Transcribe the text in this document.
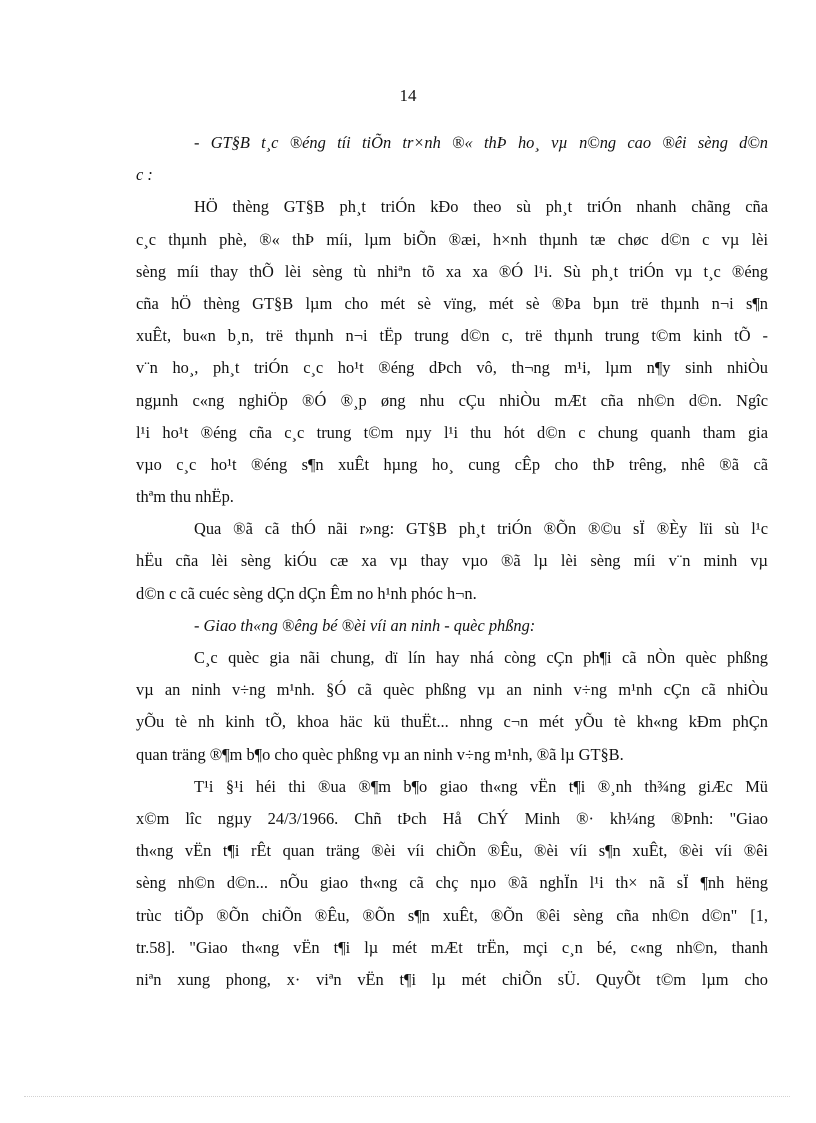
14
- GT§B t¸c ®éng tíi tiÕn tr×nh ®« thÞ ho¸ vµ n©ng cao ®êi sèng d©n
c :
HÖ thèng GT§B ph¸t triÓn kÐo theo sù ph¸t triÓn nhanh chãng cña
c¸c thµnh phè, ®« thÞ míi, lµm biÕn ®æi, h×nh thµnh tæ chøc d©n c vµ lèi
sèng míi thay thÕ lèi sèng tù nhiªn tõ xa xa ®Ó l¹i. Sù ph¸t triÓn vµ t¸c ®éng
cña hÖ thèng GT§B lµm cho mét sè vïng, mét sè ®Þa bµn trë thµnh n¬i s¶n
xuÊt, bu«n b¸n, trë thµnh n¬i tËp trung d©n c, trë thµnh trung t©m kinh tÕ -
v¨n ho¸, ph¸t triÓn c¸c ho¹t ®éng dÞch vô, th¬ng m¹i, lµm n¶y sinh nhiÒu
ngµnh c«ng nghiÖp ®Ó ®¸p øng nhu cÇu nhiÒu mÆt cña nh©n d©n. Ngîc
l¹i ho¹t ®éng cña c¸c trung t©m nµy l¹i thu hót d©n c chung quanh tham gia
vµo c¸c ho¹t ®éng s¶n xuÊt hµng ho¸ cung cÊp cho thÞ trêng, nhê ®ã cã
thªm thu nhËp.
Qua ®ã cã thÓ nãi r»ng: GT§B ph¸t triÓn ®Õn ®©u sÏ ®Èy lïi sù l¹c
hËu cña lèi sèng kiÓu cæ xa vµ thay vµo ®ã lµ lèi sèng míi v¨n minh vµ
d©n c cã cuéc sèng dÇn dÇn Êm no h¹nh phóc h¬n.
- Giao th«ng ®êng bé ®èi víi an ninh - quèc phßng:
C¸c quèc gia nãi chung, dï lín hay nhá còng cÇn ph¶i cã nÒn quèc phßng
vµ an ninh v÷ng m¹nh. §Ó cã quèc phßng vµ an ninh v÷ng m¹nh cÇn cã nhiÒu
yÕu tè nh kinh tÕ, khoa häc kü thuËt... nhng c¬n mét yÕu tè kh«ng kÐm phÇn
quan träng ®¶m b¶o cho quèc phßng vµ an ninh v÷ng m¹nh, ®ã lµ GT§B.
T¹i §¹i héi thi ®ua ®¶m b¶o giao th«ng vËn t¶i ®¸nh th¾ng giÆc Mü
x©m lîc ngµy 24/3/1966. Chñ tÞch Hå ChÝ Minh ®· kh¼ng ®Þnh: "Giao
th«ng vËn t¶i rÊt quan träng ®èi víi chiÕn ®Êu, ®èi víi s¶n xuÊt, ®èi víi ®êi
sèng nh©n d©n... nÕu giao th«ng cã chç nµo ®ã nghÏn l¹i th× nã sÏ ¶nh hëng
trùc tiÕp ®Õn chiÕn ®Êu, ®Õn s¶n xuÊt, ®Õn ®êi sèng cña nh©n d©n" [1,
tr.58]. "Giao th«ng vËn t¶i lµ mét mÆt trËn, mçi c¸n bé, c«ng nh©n, thanh
niªn xung phong, x· viªn vËn t¶i lµ mét chiÕn sÜ. QuyÕt t©m lµm cho
